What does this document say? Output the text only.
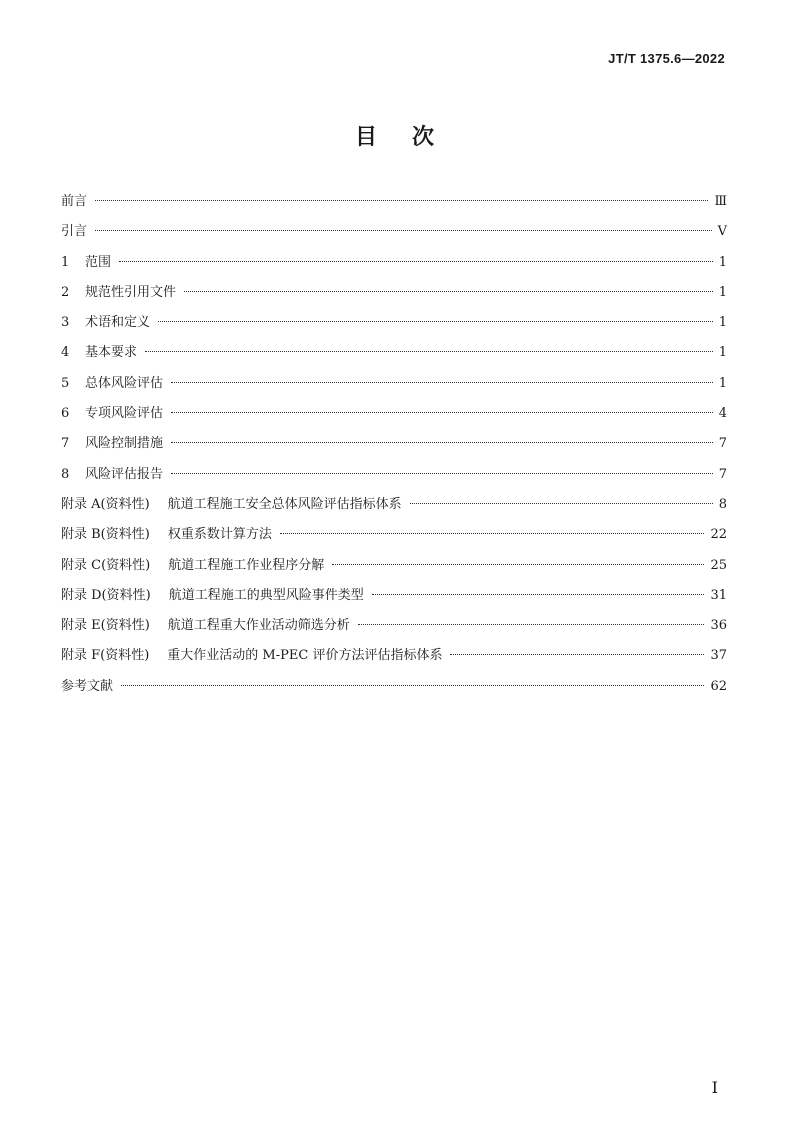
JT/T 1375.6—2022
目 次
前言	Ⅲ
引言	Ⅴ
1	范围	1
2	规范性引用文件	1
3	术语和定义	1
4	基本要求	1
5	总体风险评估	1
6	专项风险评估	4
7	风险控制措施	7
8	风险评估报告	7
附录 A(资料性) 航道工程施工安全总体风险评估指标体系	8
附录 B(资料性) 权重系数计算方法	22
附录 C(资料性) 航道工程施工作业程序分解	25
附录 D(资料性) 航道工程施工的典型风险事件类型	31
附录 E(资料性) 航道工程重大作业活动筛选分析	36
附录 F(资料性) 重大作业活动的 M-PEC 评价方法评估指标体系	37
参考文献	62
I
